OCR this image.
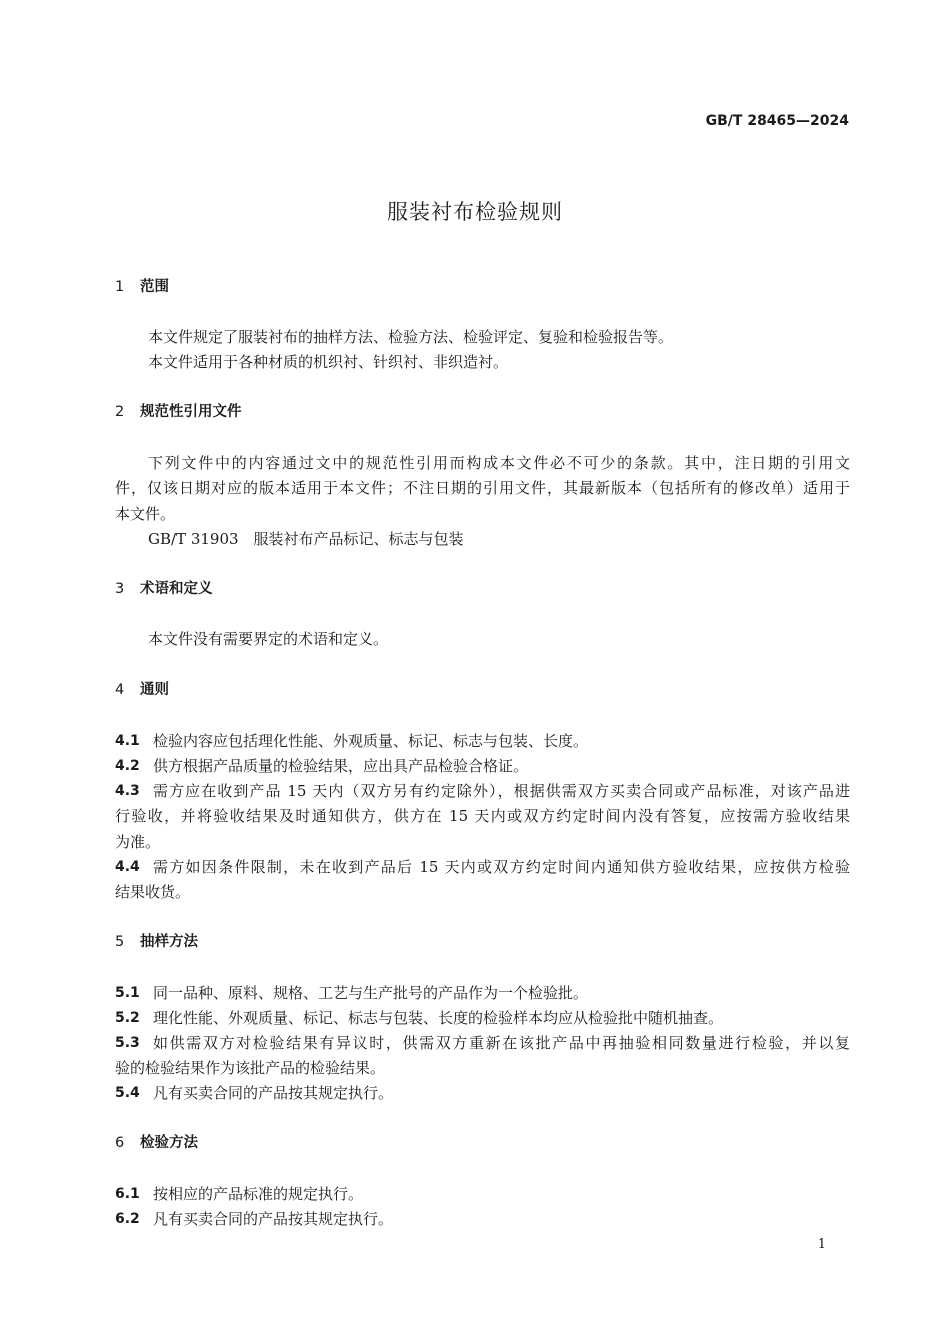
GB/T 28465—2024
服装衬布检验规则
1 范围
本文件规定了服装衬布的抽样方法、检验方法、检验评定、复验和检验报告等。
本文件适用于各种材质的机织衬、针织衬、非织造衬。
2 规范性引用文件
下列文件中的内容通过文中的规范性引用而构成本文件必不可少的条款。其中，注日期的引用文
件，仅该日期对应的版本适用于本文件；不注日期的引用文件，其最新版本（包括所有的修改单）适用于
本文件。
GB/T 31903　服装衬布产品标记、标志与包装
3 术语和定义
本文件没有需要界定的术语和定义。
4 通则
4.1 检验内容应包括理化性能、外观质量、标记、标志与包装、长度。
4.2 供方根据产品质量的检验结果，应出具产品检验合格证。
4.3 需方应在收到产品 15 天内（双方另有约定除外），根据供需双方买卖合同或产品标准，对该产品进
行验收，并将验收结果及时通知供方，供方在 15 天内或双方约定时间内没有答复，应按需方验收结果
为准。
4.4 需方如因条件限制，未在收到产品后 15 天内或双方约定时间内通知供方验收结果，应按供方检验
结果收货。
5 抽样方法
5.1 同一品种、原料、规格、工艺与生产批号的产品作为一个检验批。
5.2 理化性能、外观质量、标记、标志与包装、长度的检验样本均应从检验批中随机抽查。
5.3 如供需双方对检验结果有异议时，供需双方重新在该批产品中再抽验相同数量进行检验，并以复
验的检验结果作为该批产品的检验结果。
5.4 凡有买卖合同的产品按其规定执行。
6 检验方法
6.1 按相应的产品标准的规定执行。
6.2 凡有买卖合同的产品按其规定执行。
1
